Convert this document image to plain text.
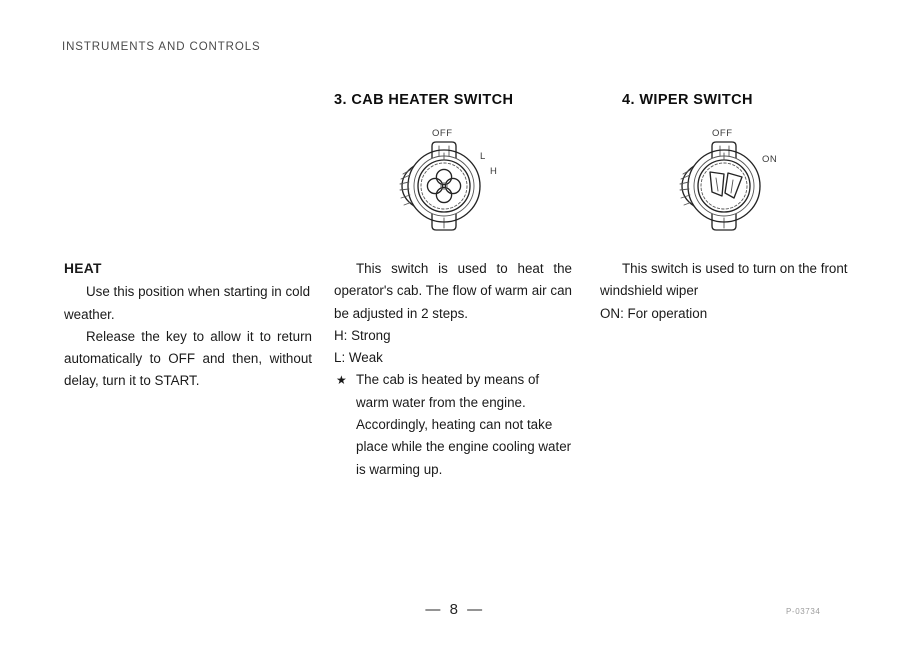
INSTRUMENTS AND CONTROLS
3. CAB HEATER SWITCH	4. WIPER SWITCH
OFF
L
H
OFF
ON
HEAT

Use this position when starting in cold weather.

Release the key to allow it to return automatically to OFF and then, without delay, turn it to START.

This switch is used to heat the operator's cab. The flow of warm air can be adjusted in 2 steps.

H: Strong

L: Weak

★ The cab is heated by means of warm water from the engine. Accordingly, heating can not take place while the engine cooling water is warming up.

This switch is used to turn on the front windshield wiper

ON: For operation

— 8 —	P-03734
